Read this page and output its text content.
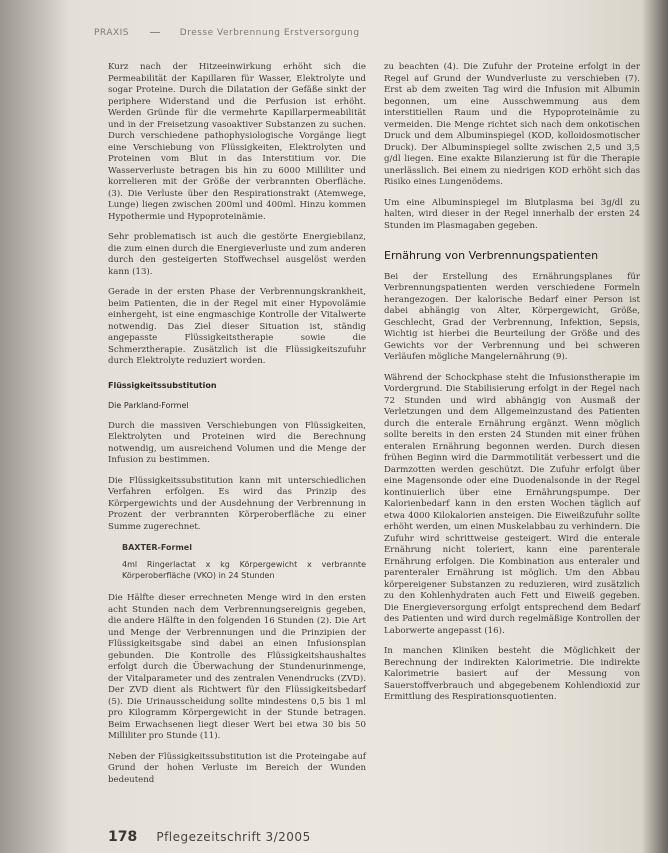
PRAXIS	Dresse Verbrennung Erstversorgung

Kurz nach der Hitzeeinwirkung erhöht sich die Permeabilität der Kapillaren für Wasser, Elektrolyte und sogar Proteine. Durch die Dilatation der Gefäße sinkt der periphere Widerstand und die Perfusion ist erhöht. Werden Gründe für die vermehrte Kapillarpermeabilität und in der Freisetzung vasoaktiver Substanzen zu suchen. Durch verschiedene pathophysiologische Vorgänge liegt eine Verschiebung von Flüssigkeiten, Elektrolyten und Proteinen vom Blut in das Interstitium vor. Die Wasserverluste betragen bis hin zu 6000 Milliliter und korrelieren mit der Größe der verbrannten Oberfläche. (3). Die Verluste über den Respirationstrakt (Atemwege, Lunge) liegen zwischen 200ml und 400ml. Hinzu kommen Hypothermie und Hypoproteinämie.

Sehr problematisch ist auch die gestörte Energiebilanz, die zum einen durch die Energieverluste und zum anderen durch den gesteigerten Stoffwechsel ausgelöst werden kann (13).

Gerade in der ersten Phase der Verbrennungskrankheit, beim Patienten, die in der Regel mit einer Hypovolämie einhergeht, ist eine engmaschige Kontrolle der Vitalwerte notwendig. Das Ziel dieser Situation ist, ständig angepasste Flüssigkeitstherapie sowie die Schmerztherapie. Zusätzlich ist die Flüssigkeitszufuhr durch Elektrolyte reduziert worden.

Flüssigkeitssubstitution
Die Parkland-Formel

Durch die massiven Verschiebungen von Flüssigkeiten, Elektrolyten und Proteinen wird die Berechnung notwendig, um ausreichend Volumen und die Menge der Infusion zu bestimmen.

Die Flüssigkeitssubstitution kann mit unterschiedlichen Verfahren erfolgen. Es wird das Prinzip des Körpergewichts und der Ausdehnung der Verbrennung in Prozent der verbrannten Körperoberfläche zu einer Summe zugerechnet.

BAXTER-Formel
4ml Ringerlactat x kg Körpergewicht x verbrannte Körperoberfläche (VKO) in 24 Stunden

Die Hälfte dieser errechneten Menge wird in den ersten acht Stunden nach dem Verbrennungsereignis gegeben, die andere Hälfte in den folgenden 16 Stunden (2). Die Art und Menge der Verbrennungen und die Prinzipien der Flüssigkeitsgabe sind dabei an einen Infusionsplan gebunden. Die Kontrolle des Flüssigkeitshaushaltes erfolgt durch die Überwachung der Stundenurinmenge, der Vitalparameter und des zentralen Venendrucks (ZVD). Der ZVD dient als Richtwert für den Flüssigkeitsbedarf (5). Die Urinausscheidung sollte mindestens 0,5 bis 1 ml pro Kilogramm Körpergewicht in der Stunde betragen. Beim Erwachsenen liegt dieser Wert bei etwa 30 bis 50 Milliliter pro Stunde (11).

Neben der Flüssigkeitssubstitution ist die Proteingabe auf Grund der hohen Verluste im Bereich der Wunden bedeutend

zu beachten (4). Die Zufuhr der Proteine erfolgt in der Regel auf Grund der Wundverluste zu verschieben (7). Erst ab dem zweiten Tag wird die Infusion mit Albumin begonnen, um eine Ausschwemmung aus dem interstitiellen Raum und die Hypoproteinämie zu vermeiden. Die Menge richtet sich nach dem onkotischen Druck und dem Albuminspiegel (KOD, kolloidosmotischer Druck). Der Albuminspiegel sollte zwischen 2,5 und 3,5 g/dl liegen. Eine exakte Bilanzierung ist für die Therapie unerlässlich. Bei einem zu niedrigen KOD erhöht sich das Risiko eines Lungenödems.

Um eine Albuminspiegel im Blutplasma bei 3g/dl zu halten, wird dieser in der Regel innerhalb der ersten 24 Stunden im Plasmagaben gegeben.

Ernährung von Verbrennungspatienten

Bei der Erstellung des Ernährungsplanes für Verbrennungspatienten werden verschiedene Formeln herangezogen. Der kalorische Bedarf einer Person ist dabei abhängig von Alter, Körpergewicht, Größe, Geschlecht, Grad der Verbrennung, Infektion, Sepsis, Wichtig ist hierbei die Beurteilung der Größe und des Gewichts vor der Verbrennung und bei schweren Verläufen mögliche Mangelernährung (9).

Während der Schockphase steht die Infusionstherapie im Vordergrund. Die Stabilisierung erfolgt in der Regel nach 72 Stunden und wird abhängig von Ausmaß der Verletzungen und dem Allgemeinzustand des Patienten durch die enterale Ernährung ergänzt. Wenn möglich sollte bereits in den ersten 24 Stunden mit einer frühen enteralen Ernährung begonnen werden. Durch diesen frühen Beginn wird die Darmmotilität verbessert und die Darmzotten werden geschützt. Die Zufuhr erfolgt über eine Magensonde oder eine Duodenalsonde in der Regel kontinuierlich über eine Ernährungspumpe. Der Kalorienbedarf kann in den ersten Wochen täglich auf etwa 4000 Kilokalorien ansteigen. Die Eiweißzufuhr sollte erhöht werden, um einen Muskelabbau zu verhindern. Die Zufuhr wird schrittweise gesteigert. Wird die enterale Ernährung nicht toleriert, kann eine parenterale Ernährung erfolgen. Die Kombination aus enteraler und parenteraler Ernährung ist möglich. Um den Abbau körpereigener Substanzen zu reduzieren, wird zusätzlich zu den Kohlenhydraten auch Fett und Eiweiß gegeben. Die Energieversorgung erfolgt entsprechend dem Bedarf des Patienten und wird durch regelmäßige Kontrollen der Laborwerte angepasst (16).

In manchen Kliniken besteht die Möglichkeit der Berechnung der indirekten Kalorimetrie. Die indirekte Kalorimetrie basiert auf der Messung von Sauerstoffverbrauch und abgegebenem Kohlendioxid zur Ermittlung des Respirationsquotienten.

178 Pflegezeitschrift 3/2005
